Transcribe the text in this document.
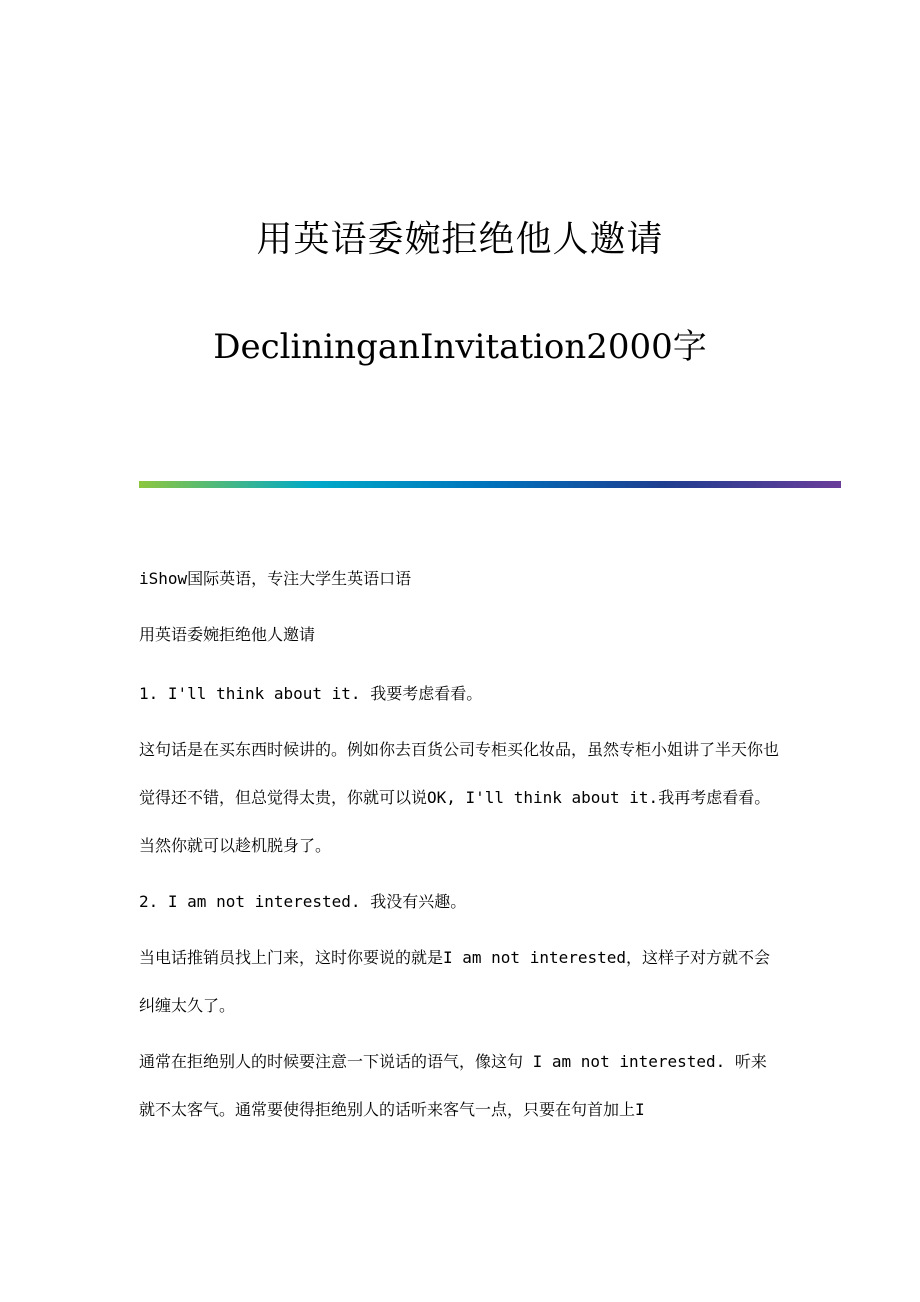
用英语委婉拒绝他人邀请
DeclininganInvitation2000字

iShow国际英语，专注大学生英语口语

用英语委婉拒绝他人邀请

1. I'll think about it. 我要考虑看看。

这句话是在买东西时候讲的。例如你去百货公司专柜买化妆品，虽然专柜小姐讲了半天你也觉得还不错，但总觉得太贵，你就可以说OK, I'll think about it.我再考虑看看。当然你就可以趁机脱身了。

2. I am not interested. 我没有兴趣。

当电话推销员找上门来，这时你要说的就是I am not interested，这样子对方就不会纠缠太久了。

通常在拒绝别人的时候要注意一下说话的语气，像这句 I am not interested. 听来就不太客气。通常要使得拒绝别人的话听来客气一点，只要在句首加上I
